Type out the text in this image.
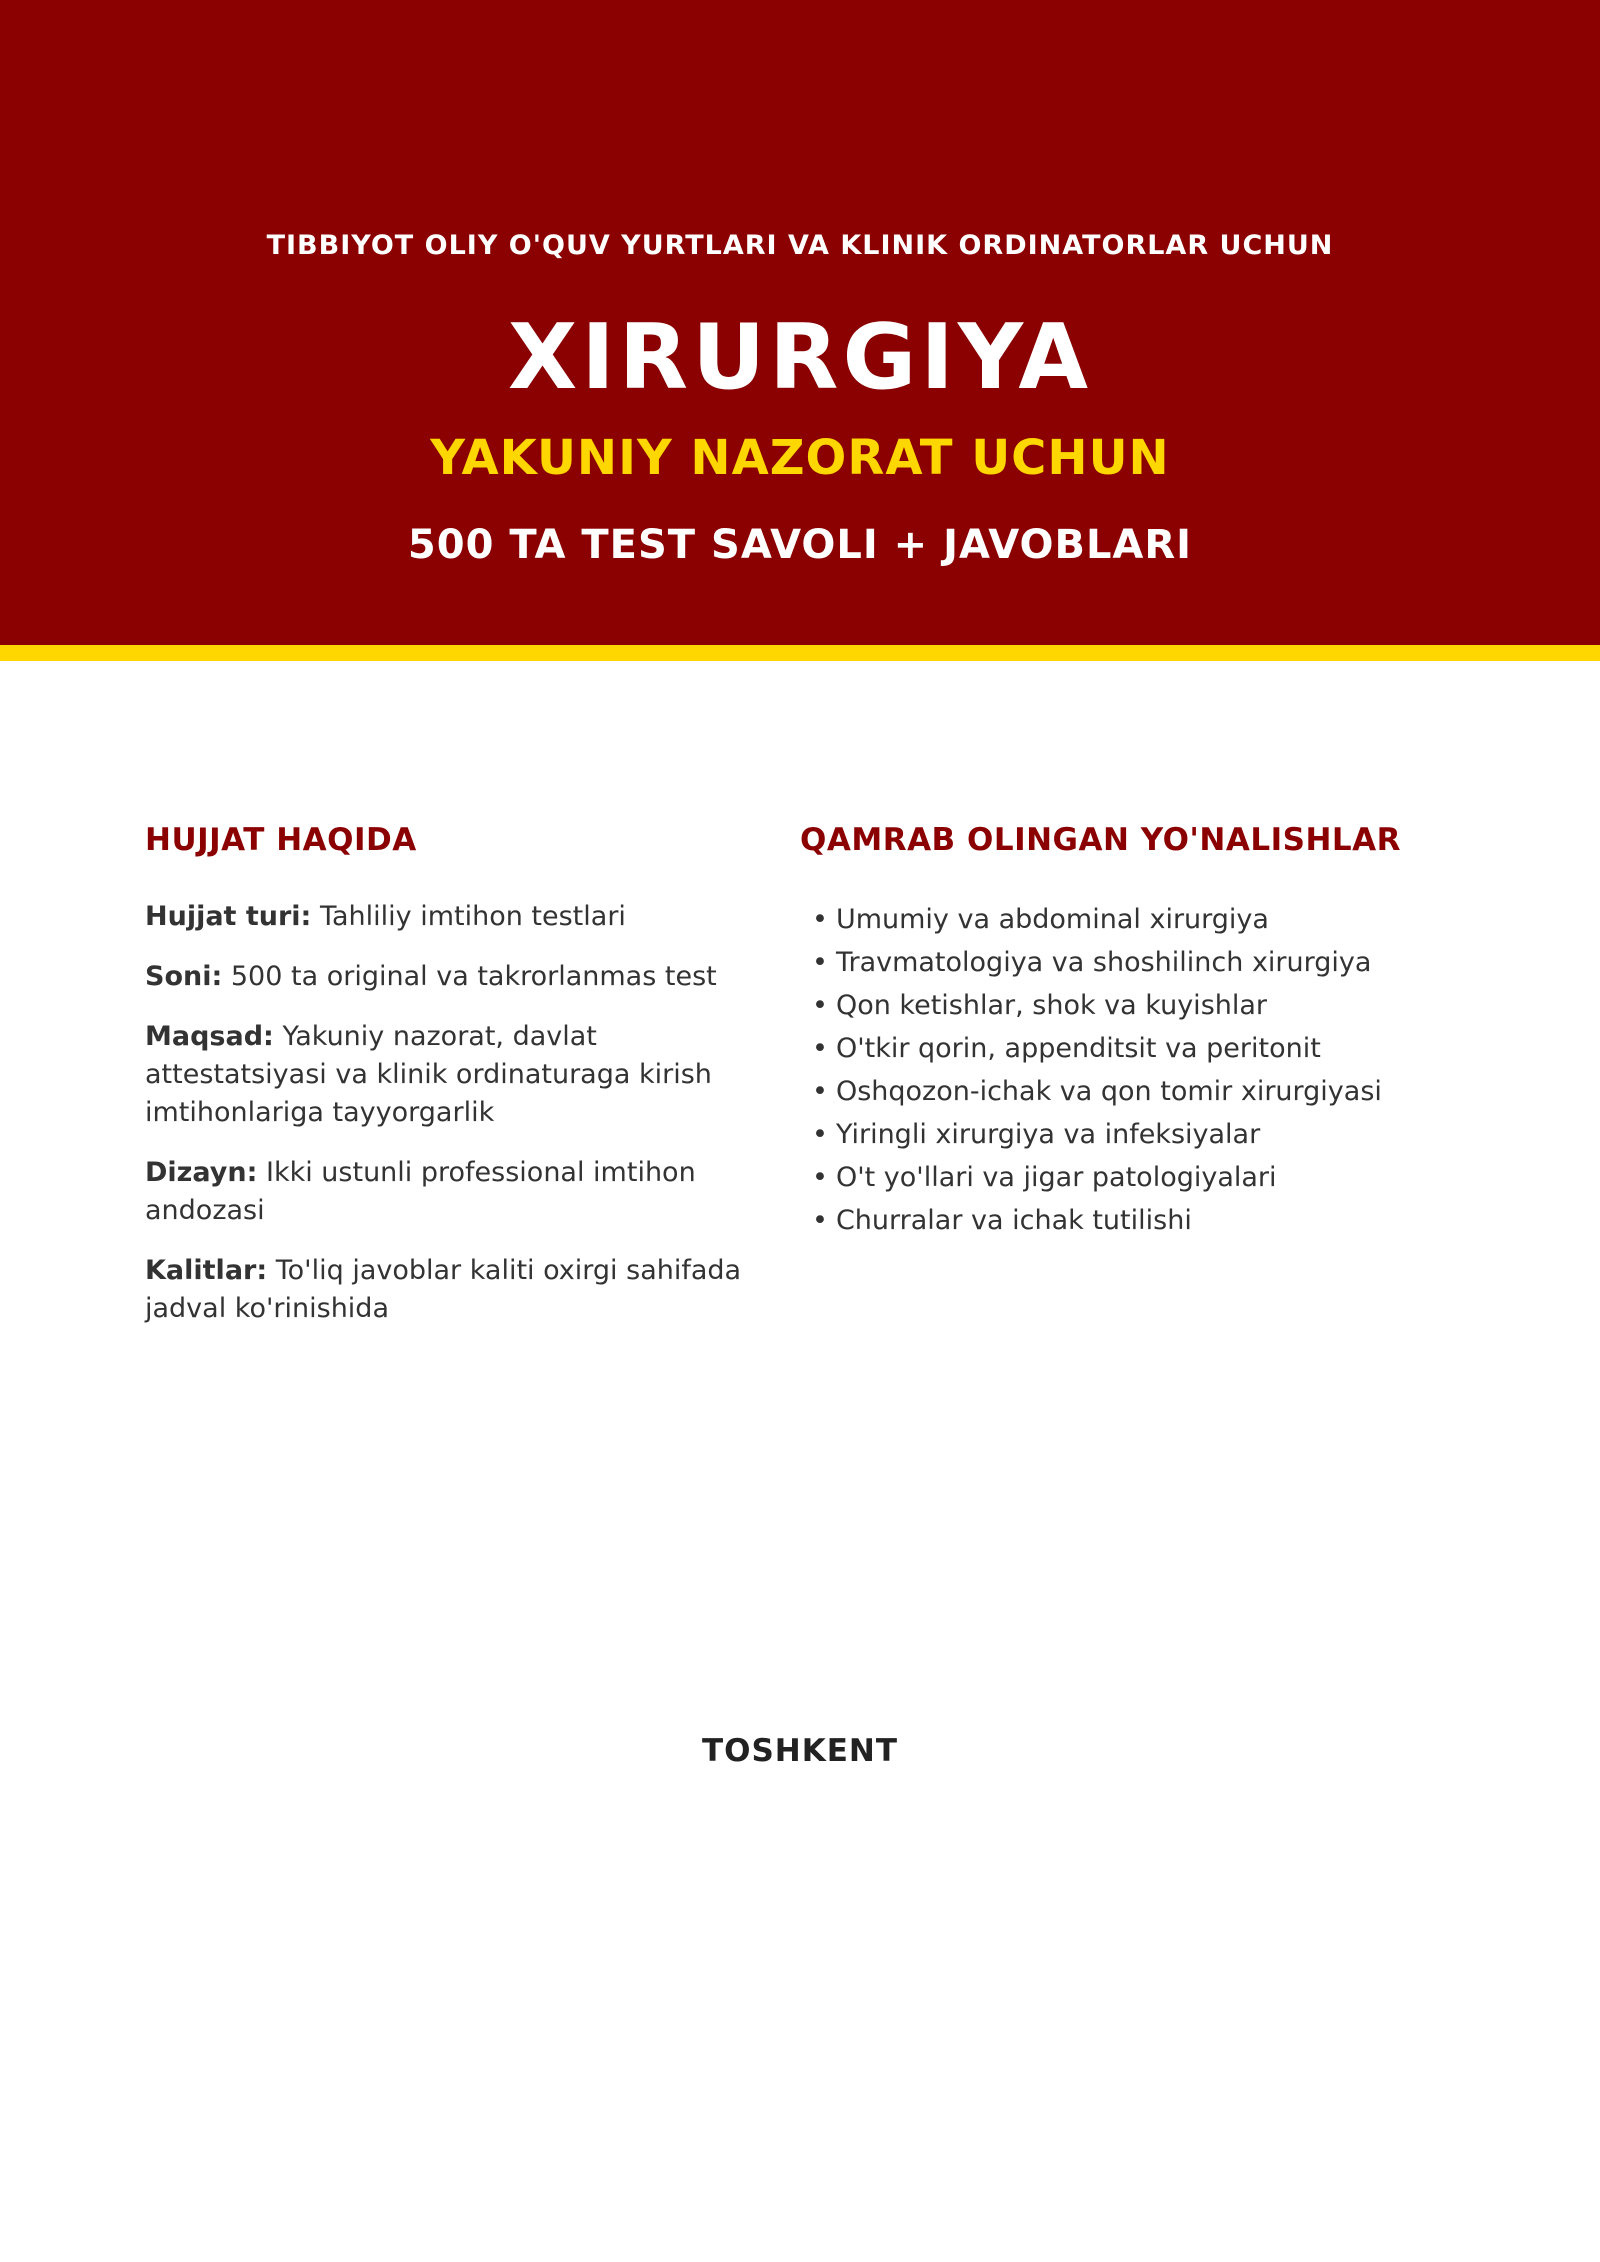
TIBBIYOT OLIY O'QUV YURTLARI VA KLINIK ORDINATORLAR UCHUN
XIRURGIYA
YAKUNIY NAZORAT UCHUN
500 TA TEST SAVOLI + JAVOBLARI
HUJJAT HAQIDA

Hujjat turi: Tahliliy imtihon testlari

Soni: 500 ta original va takrorlanmas test

Maqsad: Yakuniy nazorat, davlat attestatsiyasi va klinik ordinaturaga kirish imtihonlariga tayyorgarlik

Dizayn: Ikki ustunli professional imtihon andozasi

Kalitlar: To'liq javoblar kaliti oxirgi sahifada jadval ko'rinishida

QAMRAB OLINGAN YO'NALISHLAR
• Umumiy va abdominal xirurgiya
• Travmatologiya va shoshilinch xirurgiya
• Qon ketishlar, shok va kuyishlar
• O'tkir qorin, appenditsit va peritonit
• Oshqozon-ichak va qon tomir xirurgiyasi
• Yiringli xirurgiya va infeksiyalar
• O't yo'llari va jigar patologiyalari
• Churralar va ichak tutilishi
TOSHKENT
